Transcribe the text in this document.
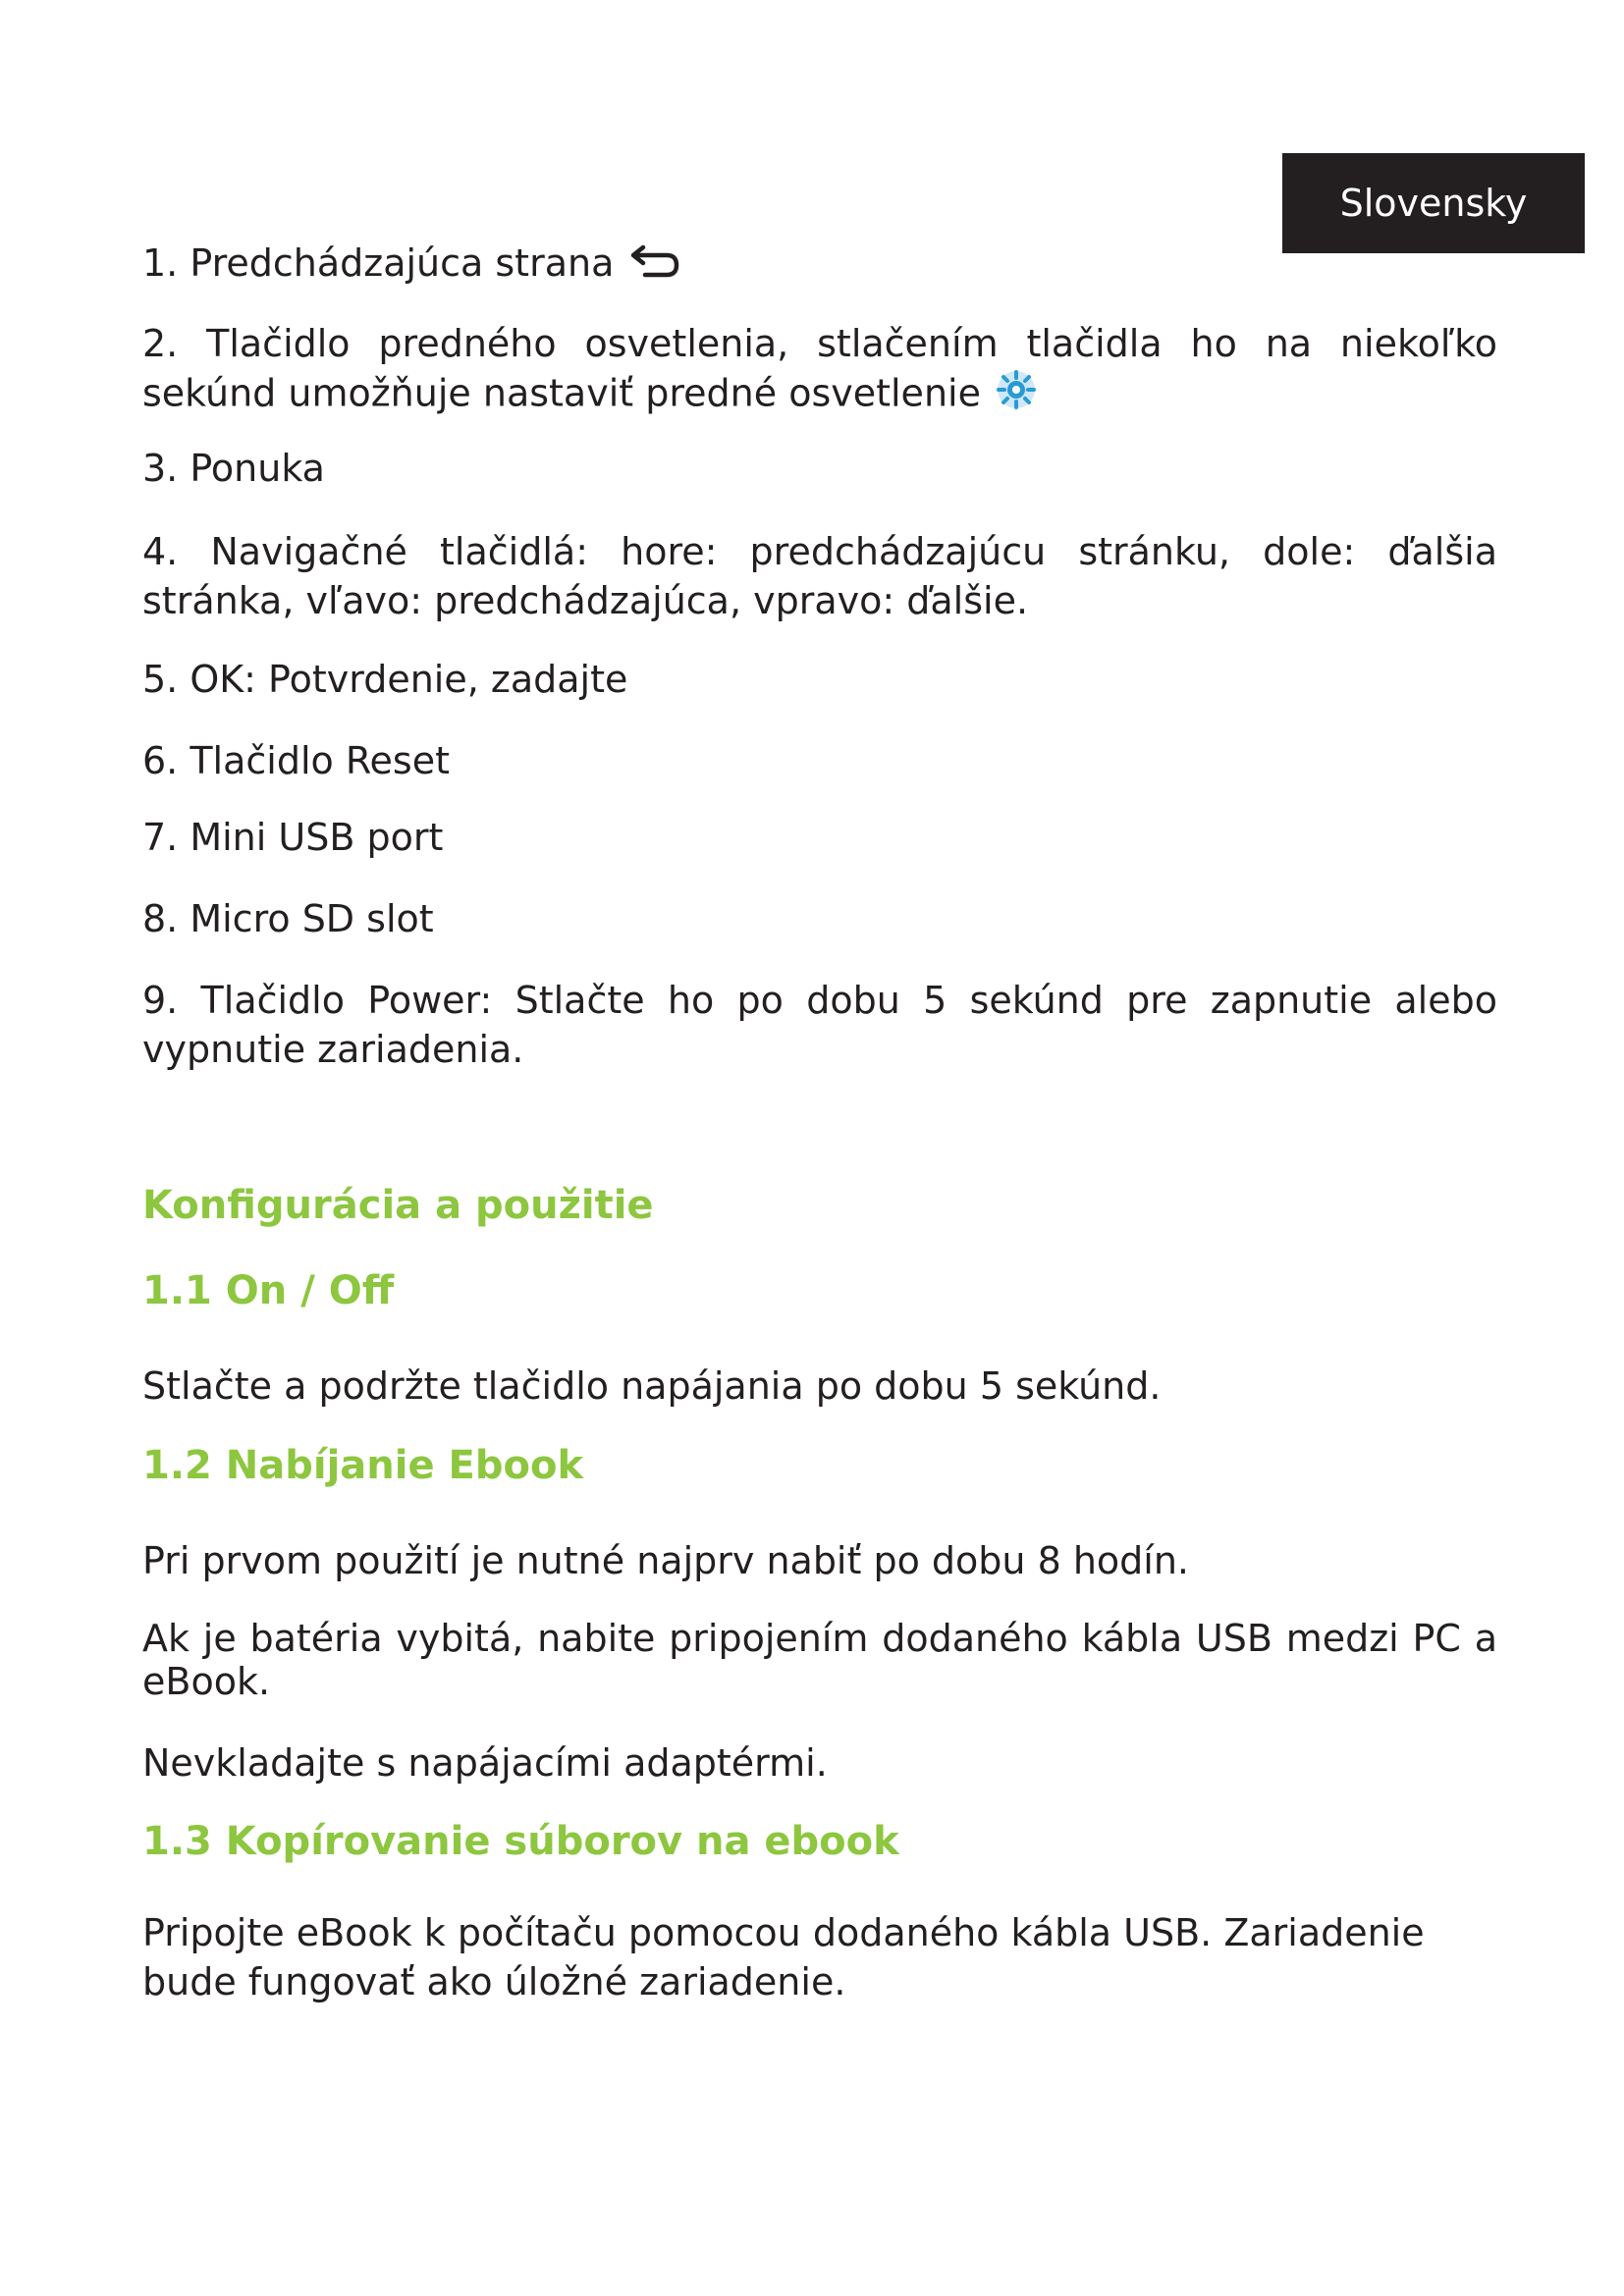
Slovensky

1. Predchádzajúca strana

2. Tlačidlo predného osvetlenia, stlačením tlačidla ho na niekoľko sekúnd umožňuje nastaviť predné osvetlenie

3. Ponuka

4. Navigačné tlačidlá: hore: predchádzajúcu stránku, dole: ďalšia stránka, vľavo: predchádzajúca, vpravo: ďalšie.

5. OK: Potvrdenie, zadajte

6. Tlačidlo Reset

7. Mini USB port

8. Micro SD slot

9. Tlačidlo Power: Stlačte ho po dobu 5 sekúnd pre zapnutie alebo vypnutie zariadenia.

Konfigurácia a použitie

1.1 On / Off

Stlačte a podržte tlačidlo napájania po dobu 5 sekúnd.

1.2 Nabíjanie Ebook

Pri prvom použití je nutné najprv nabiť po dobu 8 hodín.

Ak je batéria vybitá, nabite pripojením dodaného kábla USB medzi PC a eBook.

Nevkladajte s napájacími adaptérmi.

1.3 Kopírovanie súborov na ebook

Pripojte eBook k počítaču pomocou dodaného kábla USB. Zariadenie bude fungovať ako úložné zariadenie.
